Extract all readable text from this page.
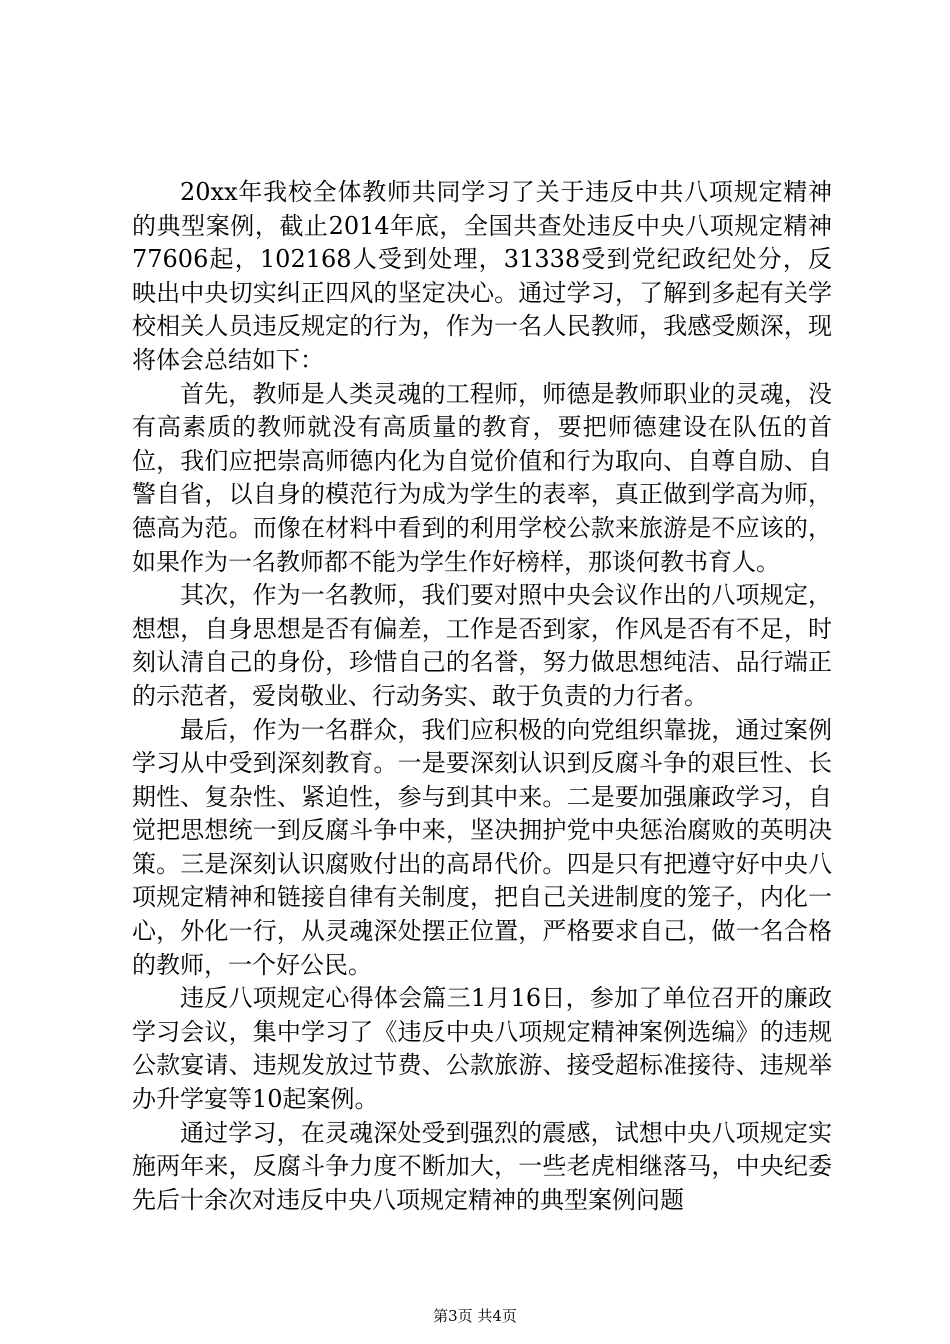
20xx年我校全体教师共同学习了关于违反中共八项规定精神的典型案例，截止2014年底，全国共查处违反中央八项规定精神77606起，102168人受到处理，31338受到党纪政纪处分，反映出中央切实纠正四风的坚定决心。通过学习，了解到多起有关学校相关人员违反规定的行为，作为一名人民教师，我感受颇深，现将体会总结如下：

首先，教师是人类灵魂的工程师，师德是教师职业的灵魂，没有高素质的教师就没有高质量的教育，要把师德建设在队伍的首位，我们应把崇高师德内化为自觉价值和行为取向、自尊自励、自警自省，以自身的模范行为成为学生的表率，真正做到学高为师，德高为范。而像在材料中看到的利用学校公款来旅游是不应该的，如果作为一名教师都不能为学生作好榜样，那谈何教书育人。

其次，作为一名教师，我们要对照中央会议作出的八项规定，想想，自身思想是否有偏差，工作是否到家，作风是否有不足，时刻认清自己的身份，珍惜自己的名誉，努力做思想纯洁、品行端正的示范者，爱岗敬业、行动务实、敢于负责的力行者。

最后，作为一名群众，我们应积极的向党组织靠拢，通过案例学习从中受到深刻教育。一是要深刻认识到反腐斗争的艰巨性、长期性、复杂性、紧迫性，参与到其中来。二是要加强廉政学习，自觉把思想统一到反腐斗争中来，坚决拥护党中央惩治腐败的英明决策。三是深刻认识腐败付出的高昂代价。四是只有把遵守好中央八项规定精神和链接自律有关制度，把自己关进制度的笼子，内化一心，外化一行，从灵魂深处摆正位置，严格要求自己，做一名合格的教师，一个好公民。

违反八项规定心得体会篇三1月16日，参加了单位召开的廉政学习会议，集中学习了《违反中央八项规定精神案例选编》的违规公款宴请、违规发放过节费、公款旅游、接受超标准接待、违规举办升学宴等10起案例。

通过学习，在灵魂深处受到强烈的震感，试想中央八项规定实施两年来，反腐斗争力度不断加大，一些老虎相继落马，中央纪委先后十余次对违反中央八项规定精神的典型案例问题

第3页 共4页
